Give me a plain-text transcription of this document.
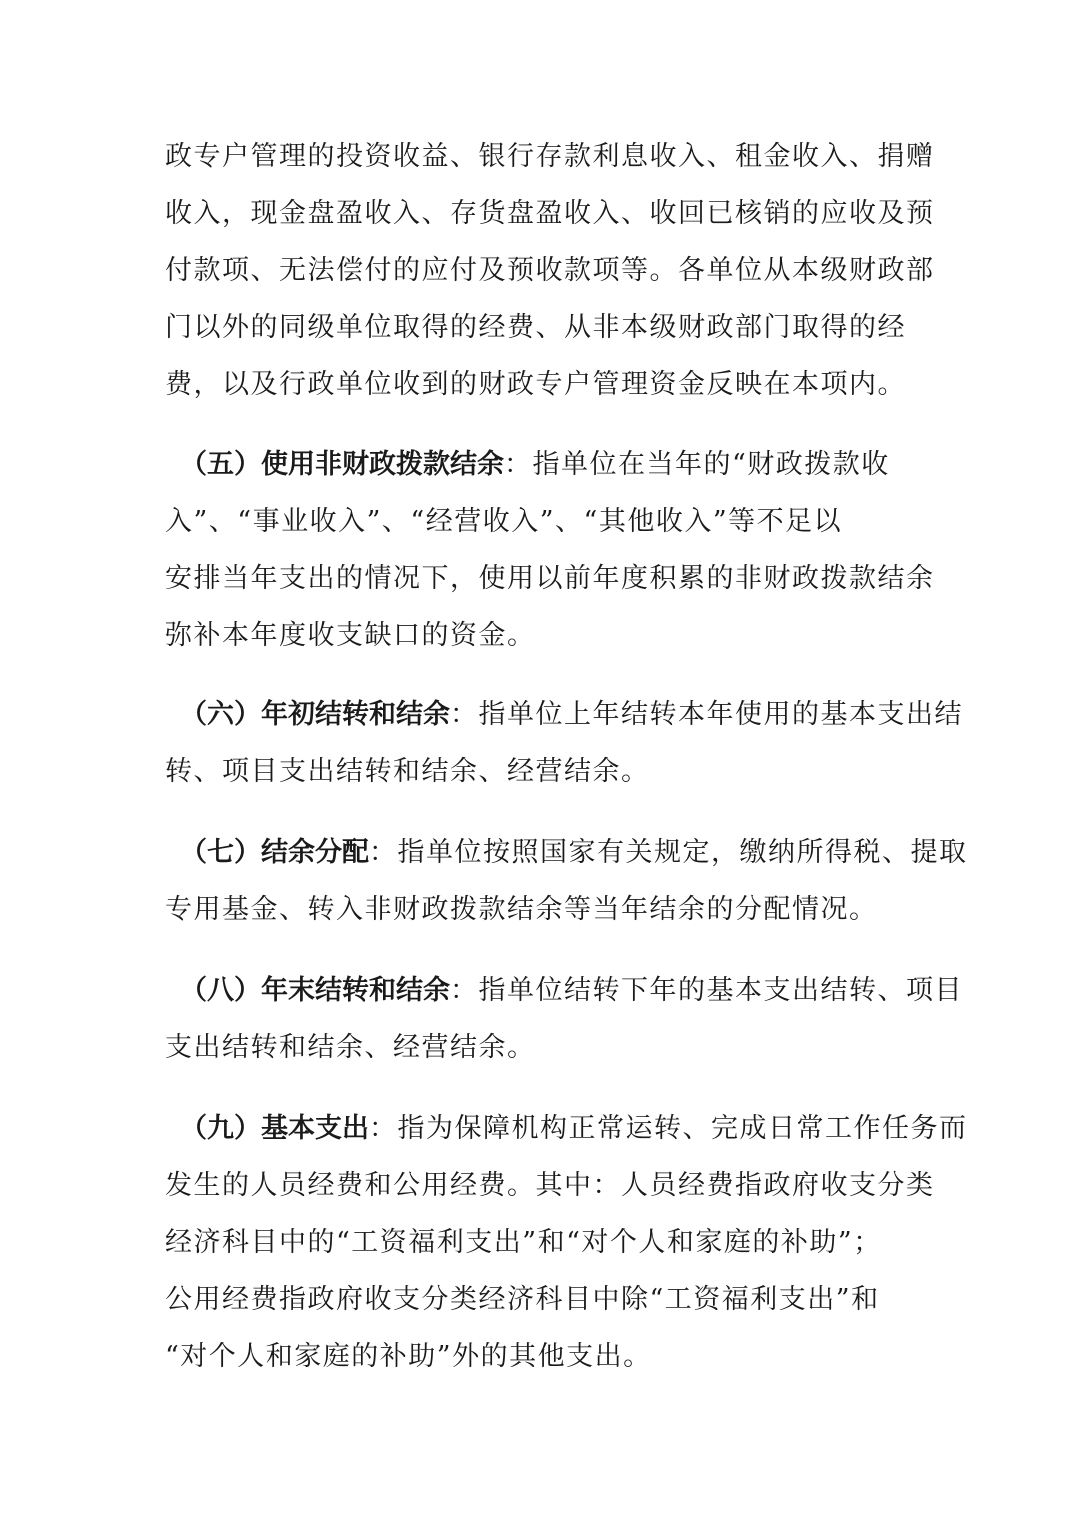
政专户管理的投资收益、银行存款利息收入、租金收入、捐赠
收入，现金盘盈收入、存货盘盈收入、收回已核销的应收及预
付款项、无法偿付的应付及预收款项等。各单位从本级财政部
门以外的同级单位取得的经费、从非本级财政部门取得的经
费，以及行政单位收到的财政专户管理资金反映在本项内。
（五）使用非财政拨款结余：指单位在当年的“财政拨款收
入”、“事业收入”、“经营收入”、“其他收入”等不足以
安排当年支出的情况下，使用以前年度积累的非财政拨款结余
弥补本年度收支缺口的资金。
（六）年初结转和结余：指单位上年结转本年使用的基本支出结
转、项目支出结转和结余、经营结余。
（七）结余分配：指单位按照国家有关规定，缴纳所得税、提取
专用基金、转入非财政拨款结余等当年结余的分配情况。
（八）年末结转和结余：指单位结转下年的基本支出结转、项目
支出结转和结余、经营结余。
（九）基本支出：指为保障机构正常运转、完成日常工作任务而
发生的人员经费和公用经费。其中：人员经费指政府收支分类
经济科目中的“工资福利支出”和“对个人和家庭的补助”；
公用经费指政府收支分类经济科目中除“工资福利支出”和
“对个人和家庭的补助”外的其他支出。
